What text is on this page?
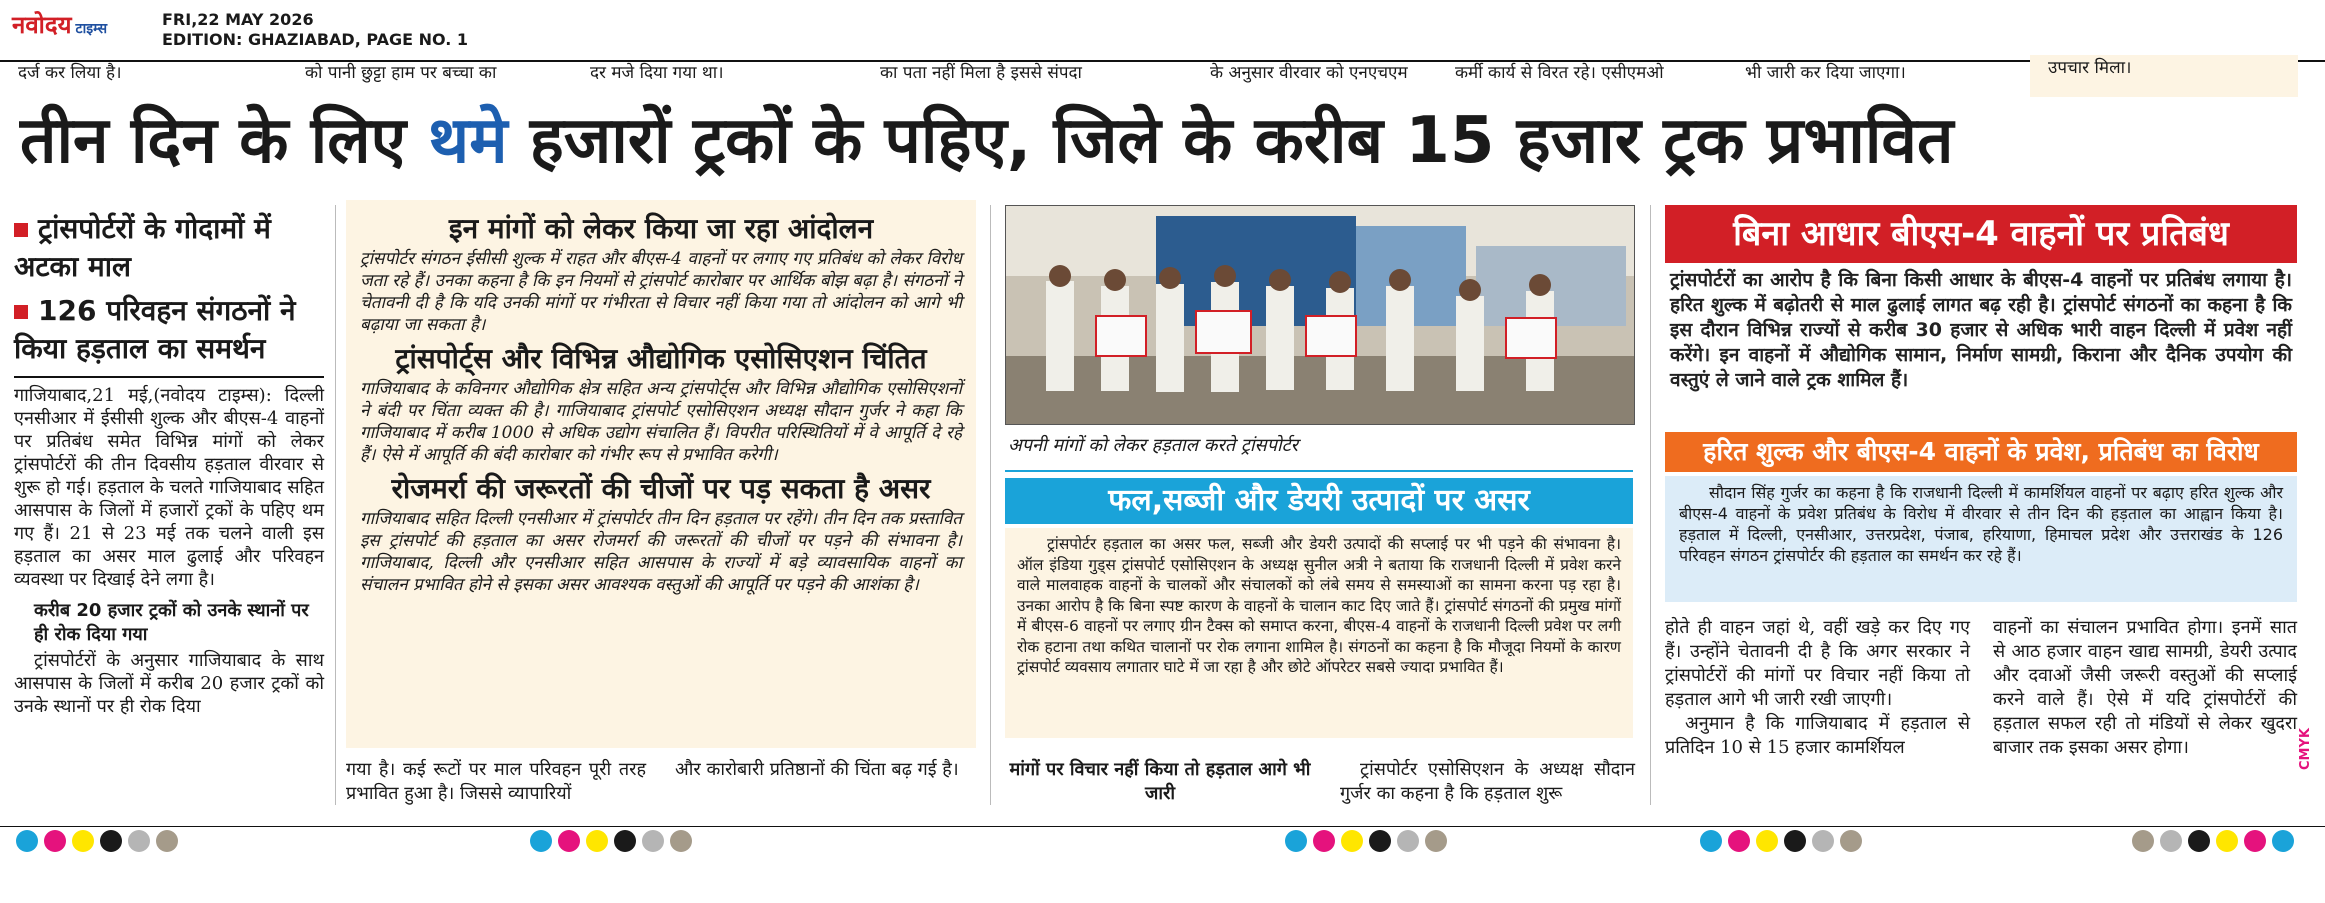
नवोदय टाइम्स	FRI,22 MAY 2026
EDITION: GHAZIABAD, PAGE NO. 1
दर्ज कर लिया है।	को पानी छुट्टा हाम पर बच्चा का	दर मजे दिया गया था।	का पता नहीं मिला है इससे संपदा	के अनुसार वीरवार को एनएचएम	कर्मी कार्य से विरत रहे। एसीएमओ	भी जारी कर दिया जाएगा।	उपचार मिला।
तीन दिन के लिए थमे हजारों ट्रकों के पहिए, जिले के करीब 15 हजार ट्रक प्रभावित
ट्रांसपोर्टरों के गोदामों में अटका माल
126 परिवहन संगठनों ने किया हड़ताल का समर्थन
गाजियाबाद,21 मई,(नवोदय टाइम्स): दिल्ली एनसीआर में ईसीसी शुल्क और बीएस-4 वाहनों पर प्रतिबंध समेत विभिन्न मांगों को लेकर ट्रांसपोर्टरों की तीन दिवसीय हड़ताल वीरवार से शुरू हो गई। हड़ताल के चलते गाजियाबाद सहित आसपास के जिलों में हजारों ट्रकों के पहिए थम गए हैं। 21 से 23 मई तक चलने वाली इस हड़ताल का असर माल ढुलाई और परिवहन व्यवस्था पर दिखाई देने लगा है।
करीब 20 हजार ट्रकों को उनके स्थानों पर ही रोक दिया गया
ट्रांसपोर्टरों के अनुसार गाजियाबाद के साथ आसपास के जिलों में करीब 20 हजार ट्रकों को उनके स्थानों पर ही रोक दिया
इन मांगों को लेकर किया जा रहा आंदोलन
ट्रांसपोर्टर संगठन ईसीसी शुल्क में राहत और बीएस-4 वाहनों पर लगाए गए प्रतिबंध को लेकर विरोध जता रहे हैं। उनका कहना है कि इन नियमों से ट्रांसपोर्ट कारोबार पर आर्थिक बोझ बढ़ा है। संगठनों ने चेतावनी दी है कि यदि उनकी मांगों पर गंभीरता से विचार नहीं किया गया तो आंदोलन को आगे भी बढ़ाया जा सकता है।
ट्रांसपोर्ट्स और विभिन्न औद्योगिक एसोसिएशन चिंतित
गाजियाबाद के कविनगर औद्योगिक क्षेत्र सहित अन्य ट्रांसपोर्ट्स और विभिन्न औद्योगिक एसोसिएशनों ने बंदी पर चिंता व्यक्त की है। गाजियाबाद ट्रांसपोर्ट एसोसिएशन अध्यक्ष सौदान गुर्जर ने कहा कि गाजियाबाद में करीब 1000 से अधिक उद्योग संचालित हैं। विपरीत परिस्थितियों में वे आपूर्ति दे रहे हैं। ऐसे में आपूर्ति की बंदी कारोबार को गंभीर रूप से प्रभावित करेगी।
रोजमर्रा की जरूरतों की चीजों पर पड़ सकता है असर
गाजियाबाद सहित दिल्ली एनसीआर में ट्रांसपोर्टर तीन दिन हड़ताल पर रहेंगे। तीन दिन तक प्रस्तावित इस ट्रांसपोर्ट की हड़ताल का असर रोजमर्रा की जरूरतों की चीजों पर पड़ने की संभावना है। गाजियाबाद, दिल्ली और एनसीआर सहित आसपास के राज्यों में बड़े व्यावसायिक वाहनों का संचालन प्रभावित होने से इसका असर आवश्यक वस्तुओं की आपूर्ति पर पड़ने की आशंका है।
गया है। कई रूटों पर माल परिवहन पूरी तरह प्रभावित हुआ है। जिससे व्यापारियों
और कारोबारी प्रतिष्ठानों की चिंता बढ़ गई है।
अपनी मांगों को लेकर हड़ताल करते ट्रांसपोर्टर
फल,सब्जी और डेयरी उत्पादों पर असर
ट्रांसपोर्टर हड़ताल का असर फल, सब्जी और डेयरी उत्पादों की सप्लाई पर भी पड़ने की संभावना है। ऑल इंडिया गुड्स ट्रांसपोर्ट एसोसिएशन के अध्यक्ष सुनील अत्री ने बताया कि राजधानी दिल्ली में प्रवेश करने वाले मालवाहक वाहनों के चालकों और संचालकों को लंबे समय से समस्याओं का सामना करना पड़ रहा है। उनका आरोप है कि बिना स्पष्ट कारण के वाहनों के चालान काट दिए जाते हैं। ट्रांसपोर्ट संगठनों की प्रमुख मांगों में बीएस-6 वाहनों पर लगाए ग्रीन टैक्स को समाप्त करना, बीएस-4 वाहनों के राजधानी दिल्ली प्रवेश पर लगी रोक हटाना तथा कथित चालानों पर रोक लगाना शामिल है। संगठनों का कहना है कि मौजूदा नियमों के कारण ट्रांसपोर्ट व्यवसाय लगातार घाटे में जा रहा है और छोटे ऑपरेटर सबसे ज्यादा प्रभावित हैं।
मांगों पर विचार नहीं किया तो हड़ताल आगे भी जारी
ट्रांसपोर्टर एसोसिएशन के अध्यक्ष सौदान गुर्जर का कहना है कि हड़ताल शुरू
बिना आधार बीएस-4 वाहनों पर प्रतिबंध
ट्रांसपोर्टरों का आरोप है कि बिना किसी आधार के बीएस-4 वाहनों पर प्रतिबंध लगाया है। हरित शुल्क में बढ़ोतरी से माल ढुलाई लागत बढ़ रही है। ट्रांसपोर्ट संगठनों का कहना है कि इस दौरान विभिन्न राज्यों से करीब 30 हजार से अधिक भारी वाहन दिल्ली में प्रवेश नहीं करेंगे। इन वाहनों में औद्योगिक सामान, निर्माण सामग्री, किराना और दैनिक उपयोग की वस्तुएं ले जाने वाले ट्रक शामिल हैं।
हरित शुल्क और बीएस-4 वाहनों के प्रवेश, प्रतिबंध का विरोध
सौदान सिंह गुर्जर का कहना है कि राजधानी दिल्ली में कामर्शियल वाहनों पर बढ़ाए हरित शुल्क और बीएस-4 वाहनों के प्रवेश प्रतिबंध के विरोध में वीरवार से तीन दिन की हड़ताल का आह्वान किया है। हड़ताल में दिल्ली, एनसीआर, उत्तरप्रदेश, पंजाब, हरियाणा, हिमाचल प्रदेश और उत्तराखंड के 126 परिवहन संगठन ट्रांसपोर्टर की हड़ताल का समर्थन कर रहे हैं।
होते ही वाहन जहां थे, वहीं खड़े कर दिए गए हैं। उन्होंने चेतावनी दी है कि अगर सरकार ने ट्रांसपोर्टरों की मांगों पर विचार नहीं किया तो हड़ताल आगे भी जारी रखी जाएगी।
अनुमान है कि गाजियाबाद में हड़ताल से प्रतिदिन 10 से 15 हजार कामर्शियल
वाहनों का संचालन प्रभावित होगा। इनमें सात से आठ हजार वाहन खाद्य सामग्री, डेयरी उत्पाद और दवाओं जैसी जरूरी वस्तुओं की सप्लाई करने वाले हैं। ऐसे में यदि ट्रांसपोर्टरों की हड़ताल सफल रही तो मंडियों से लेकर खुदरा बाजार तक इसका असर होगा।	CMYK
